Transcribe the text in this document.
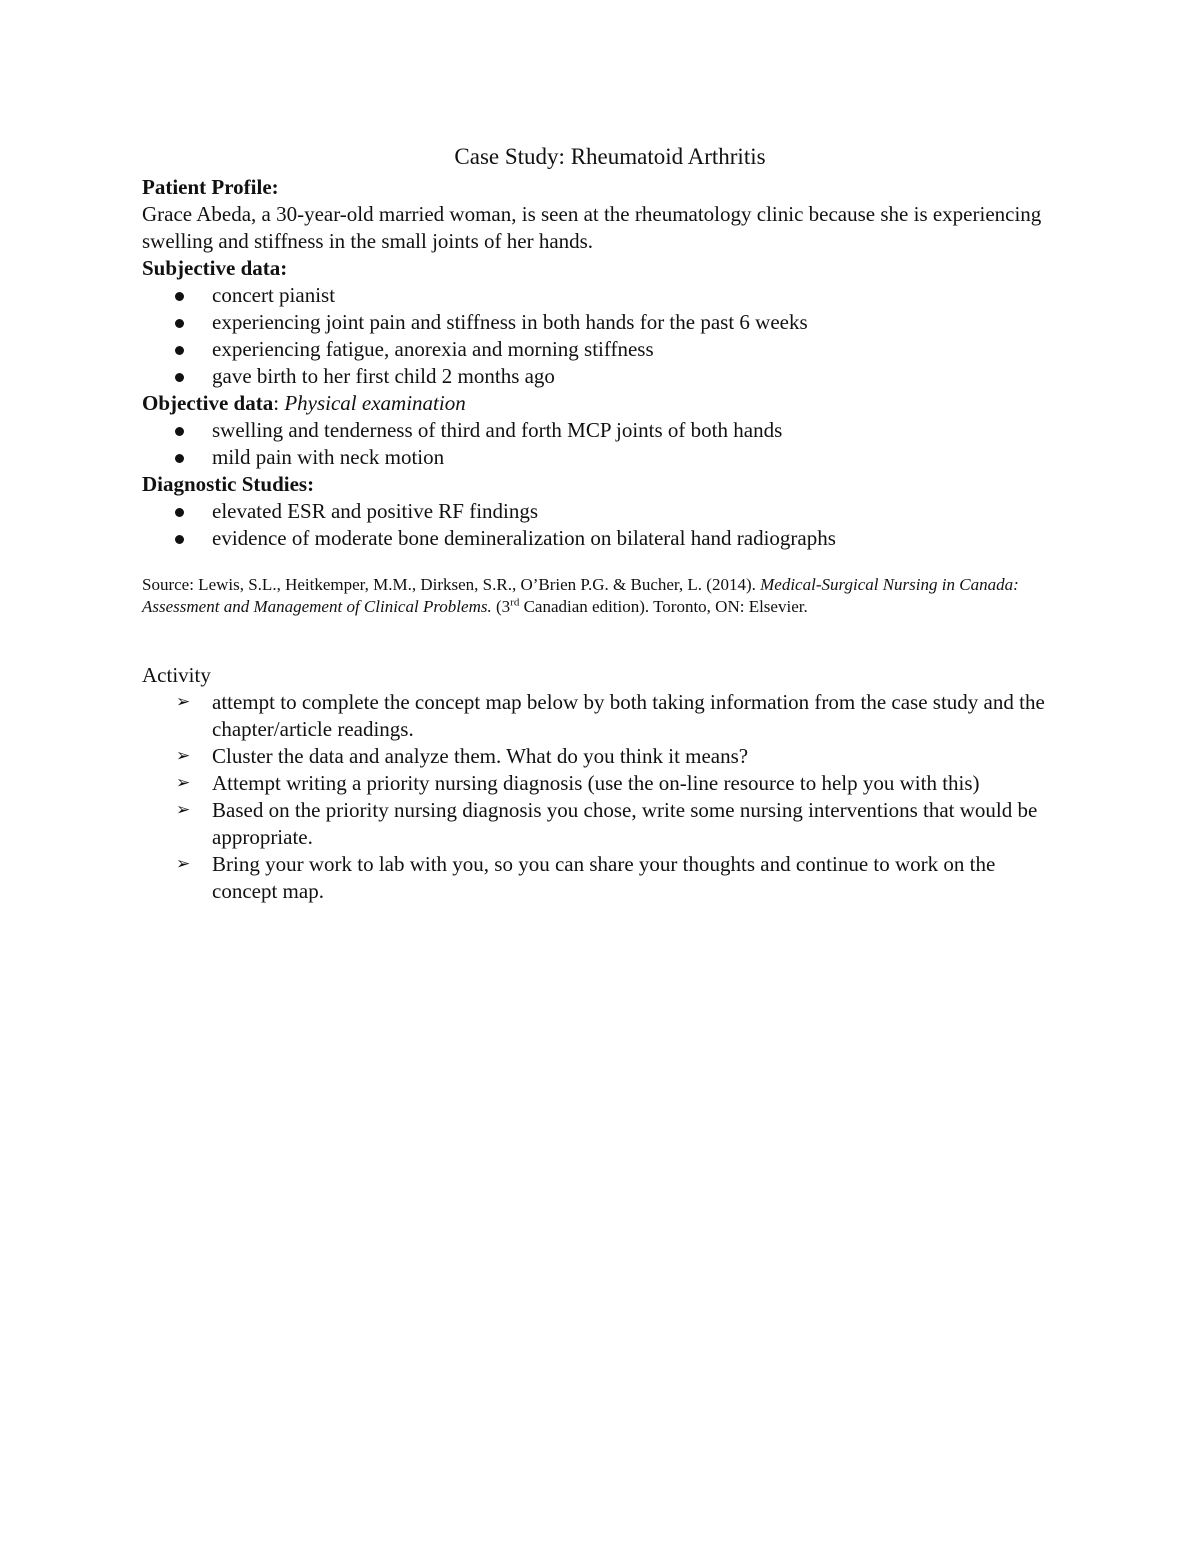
Case Study: Rheumatoid Arthritis
Patient Profile:
Grace Abeda, a 30-year-old married woman, is seen at the rheumatology clinic because she is experiencing swelling and stiffness in the small joints of her hands.
Subjective data:
concert pianist
experiencing joint pain and stiffness in both hands for the past 6 weeks
experiencing fatigue, anorexia and morning stiffness
gave birth to her first child 2 months ago
Objective data: Physical examination
swelling and tenderness of third and forth MCP joints of both hands
mild pain with neck motion
Diagnostic Studies:
elevated ESR and positive RF findings
evidence of moderate bone demineralization on bilateral hand radiographs
Source: Lewis, S.L., Heitkemper, M.M., Dirksen, S.R., O’Brien P.G. & Bucher, L. (2014). Medical-Surgical Nursing in Canada: Assessment and Management of Clinical Problems. (3rd Canadian edition). Toronto, ON: Elsevier.
Activity
➢ attempt to complete the concept map below by both taking information from the case study and the chapter/article readings.
➢ Cluster the data and analyze them. What do you think it means?
➢ Attempt writing a priority nursing diagnosis (use the on-line resource to help you with this)
➢ Based on the priority nursing diagnosis you chose, write some nursing interventions that would be appropriate.
➢ Bring your work to lab with you, so you can share your thoughts and continue to work on the concept map.
